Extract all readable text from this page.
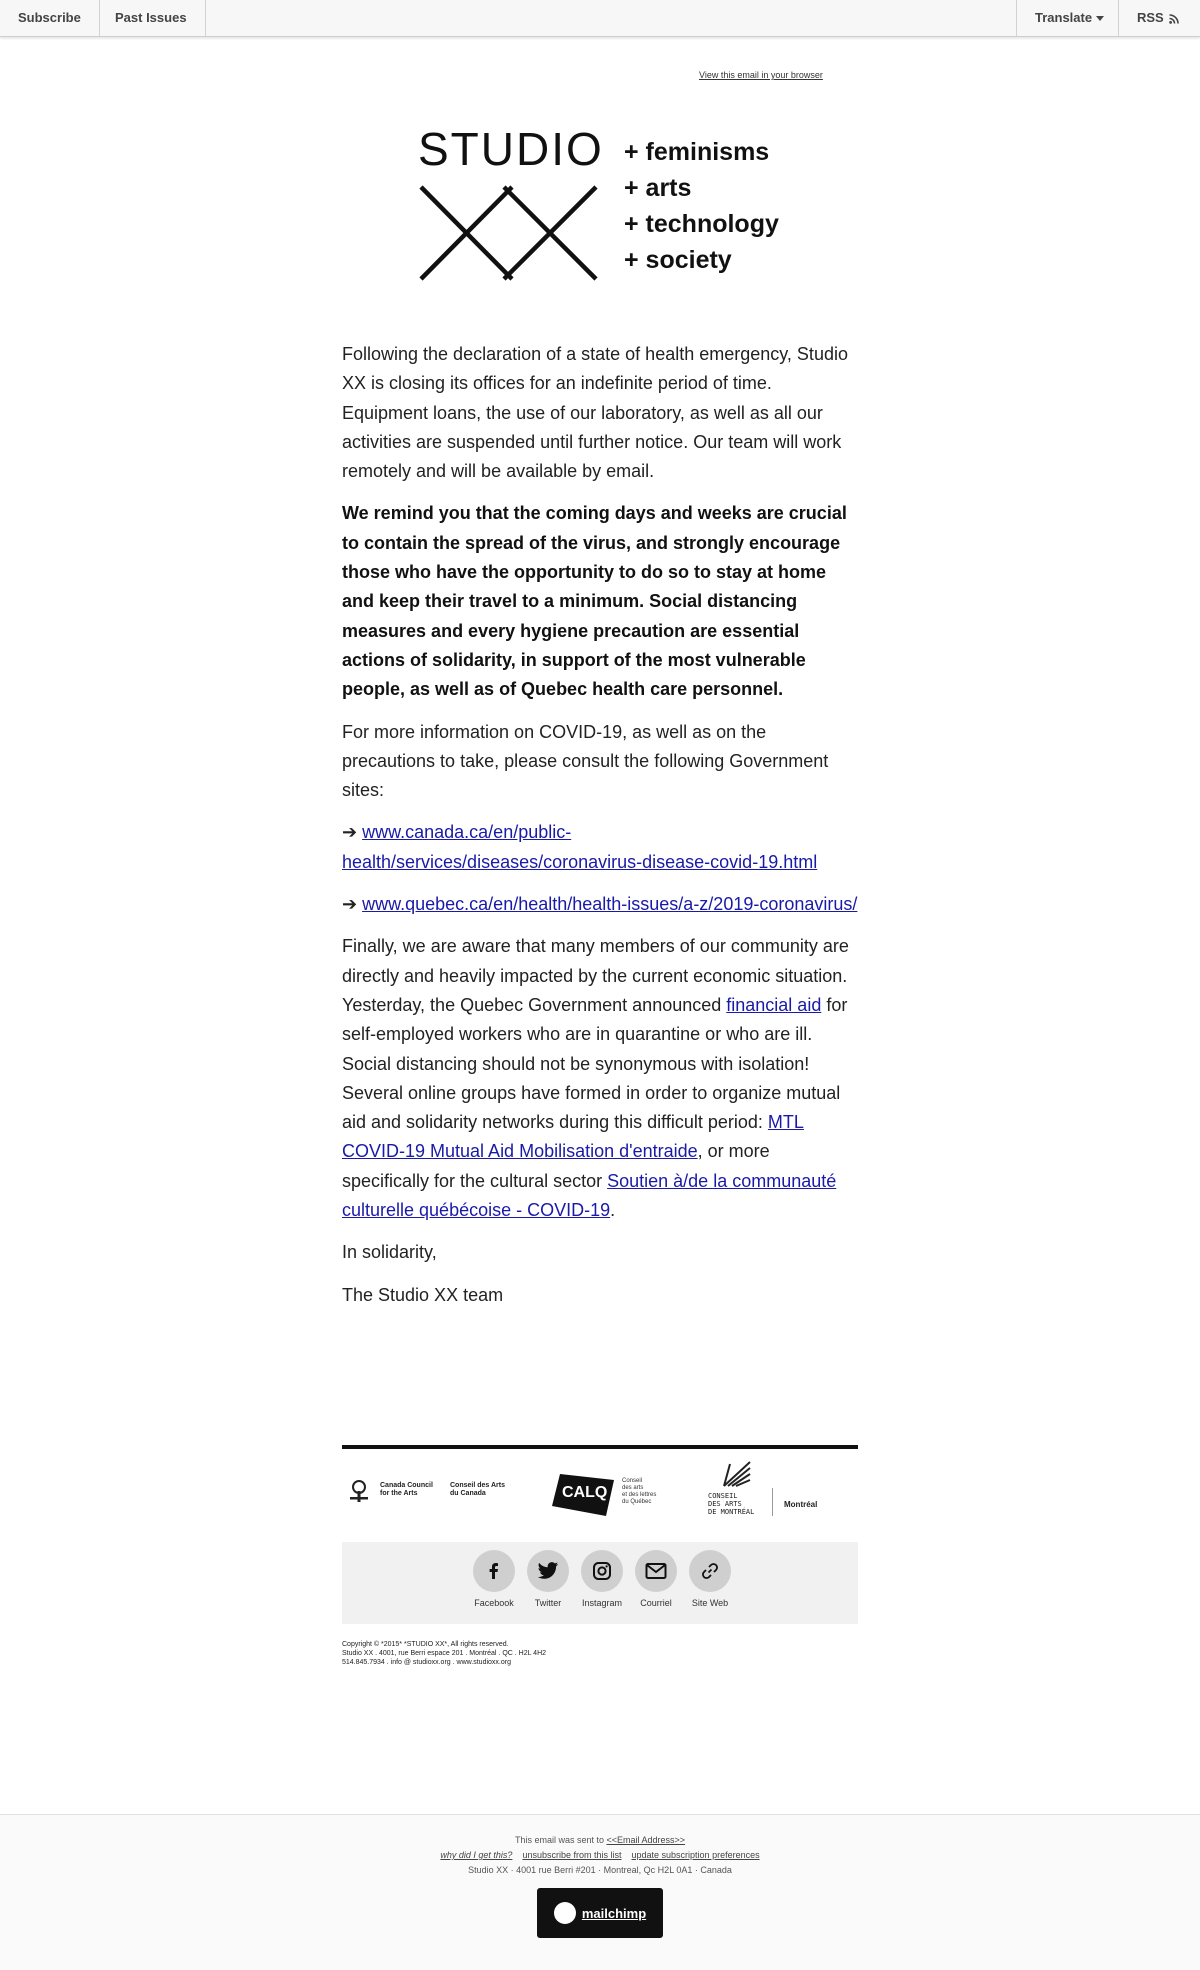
Subscribe	Past Issues	Translate	RSS
View this email in your browser
STUDIO + feminisms
+ arts
+ technology
+ society

Following the declaration of a state of health emergency, Studio XX is closing its offices for an indefinite period of time. Equipment loans, the use of our laboratory, as well as all our activities are suspended until further notice. Our team will work remotely and will be available by email.

We remind you that the coming days and weeks are crucial to contain the spread of the virus, and strongly encourage those who have the opportunity to do so to stay at home and keep their travel to a minimum. Social distancing measures and every hygiene precaution are essential actions of solidarity, in support of the most vulnerable people, as well as of Quebec health care personnel.

For more information on COVID-19, as well as on the precautions to take, please consult the following Government sites:

➔ www.canada.ca/en/public-health/services/diseases/coronavirus-disease-covid-19.html

➔ www.quebec.ca/en/health/health-issues/a-z/2019-coronavirus/

Finally, we are aware that many members of our community are directly and heavily impacted by the current economic situation. Yesterday, the Quebec Government announced financial aid for self-employed workers who are in quarantine or who are ill. Social distancing should not be synonymous with isolation! Several online groups have formed in order to organize mutual aid and solidarity networks during this difficult period: MTL COVID-19 Mutual Aid Mobilisation d'entraide, or more specifically for the cultural sector Soutien à/de la communauté culturelle québécoise - COVID-19.

In solidarity,

The Studio XX team

Canada Council
for the Arts
Conseil des Arts
du Canada	CALQ
Conseil
des arts
et des lettres
du Québec
CONSEIL
DES ARTS
DE MONTRÉAL
Montréal
Facebook	Twitter	Instagram	Courriel	Site Web
Copyright © *2015* *STUDIO XX*, All rights reserved.
Studio XX . 4001, rue Berri espace 201 . Montréal . QC . H2L 4H2
514.845.7934 . info @ studioxx.org . www.studioxx.org
This email was sent to <<Email Address>>
why did I get this? unsubscribe from this list update subscription preferences
Studio XX · 4001 rue Berri #201 · Montreal, Qc H2L 0A1 · Canada
mailchimp
